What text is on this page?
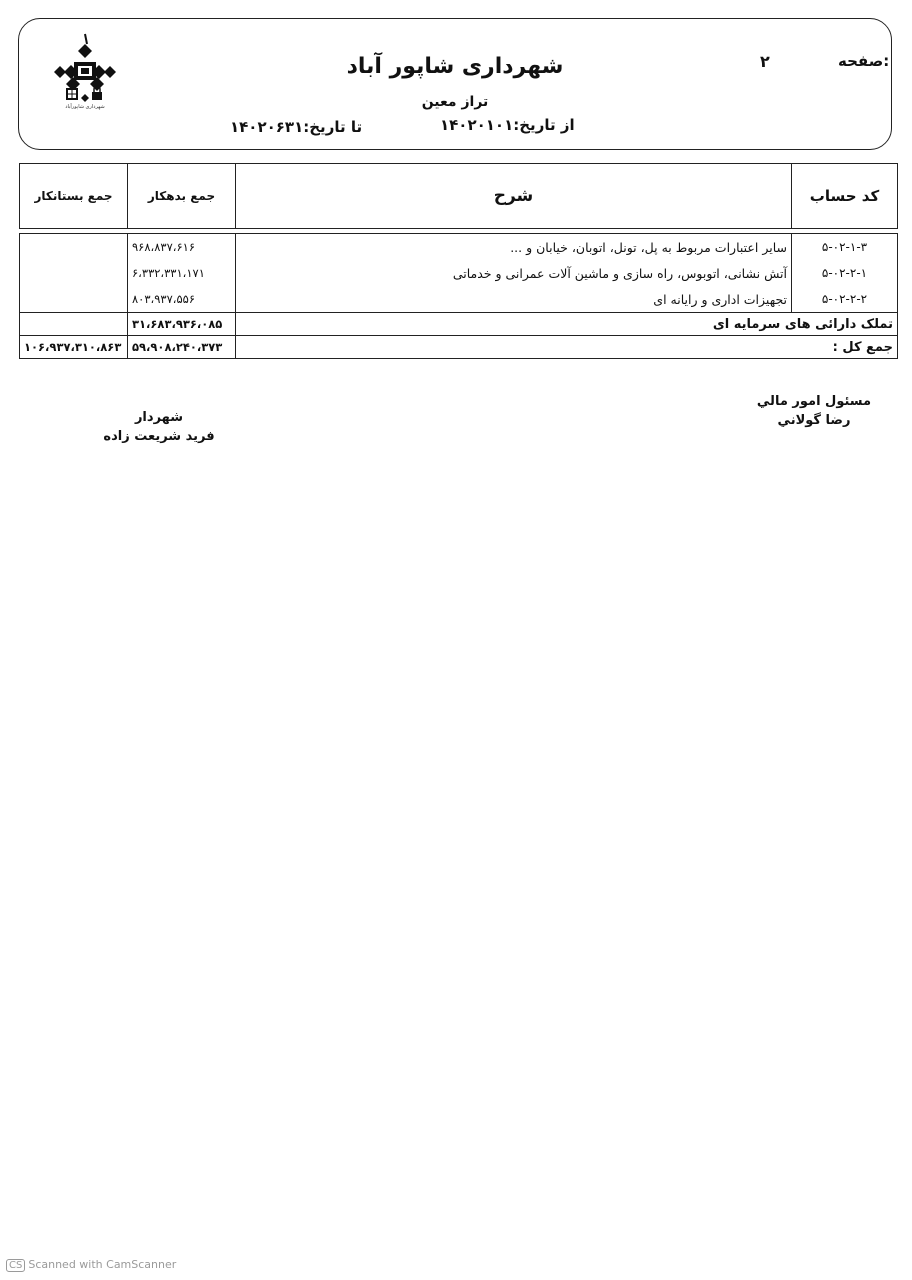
شهرداری شاپورآباد
صفحه:
۲
شهرداری شاپور آباد
تراز معین
از تاریخ:۱۴۰۲۰۱۰۱
تا تاریخ:۱۴۰۲۰۶۳۱
جمع بستانکار	جمع بدهکار	شرح	کد حساب

	۹۶۸،۸۳۷،۶۱۶	سایر اعتبارات مربوط به پل، تونل، اتوبان، خیابان و ...	۵-۰۲-۱-۳
	۶،۳۳۲،۳۳۱،۱۷۱	آتش نشانی، اتوبوس، راه سازی و ماشین آلات عمرانی و خدماتی	۵-۰۲-۲-۱
	۸۰۳،۹۳۷،۵۵۶	تجهیزات اداری و رایانه ای	۵-۰۲-۲-۲
	۳۱،۶۸۳،۹۳۶،۰۸۵	تملک دارائی های سرمایه ای	
۱۰۶،۹۳۷،۳۱۰،۸۶۳	۵۹،۹۰۸،۲۴۰،۳۷۳	جمع کل :	
مسئول امور مالي
رضا گولاني
شهردار
فرید شریعت زاده
CS Scanned with CamScanner
